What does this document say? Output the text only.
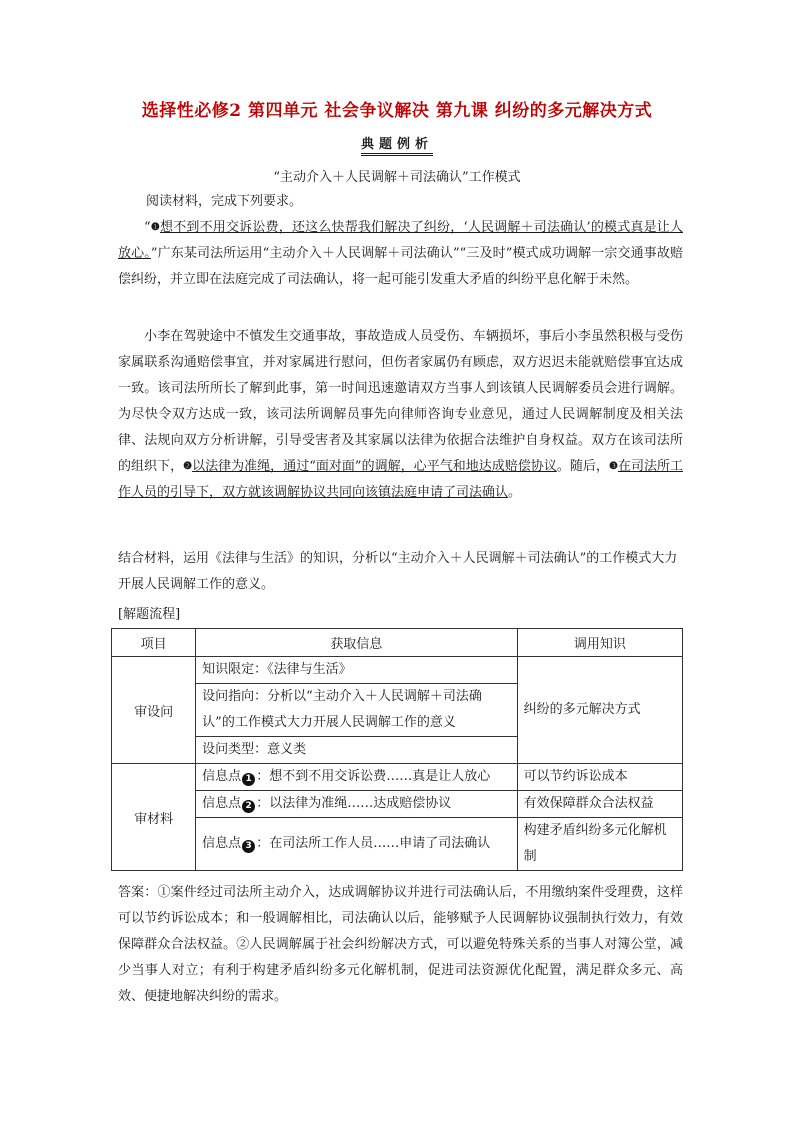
选择性必修2 第四单元 社会争议解决 第九课 纠纷的多元解决方式
典题例析
“主动介入＋人民调解＋司法确认”工作模式
阅读材料，完成下列要求。
“❶想不到不用交诉讼费，还这么快帮我们解决了纠纷，‘人民调解＋司法确认’的模式真是让人放心。”广东某司法所运用“主动介入＋人民调解＋司法确认”“三及时”模式成功调解一宗交通事故赔偿纠纷，并立即在法庭完成了司法确认，将一起可能引发重大矛盾的纠纷平息化解于未然。
小李在驾驶途中不慎发生交通事故，事故造成人员受伤、车辆损坏，事后小李虽然积极与受伤家属联系沟通赔偿事宜，并对家属进行慰问，但伤者家属仍有顾虑，双方迟迟未能就赔偿事宜达成一致。该司法所所长了解到此事，第一时间迅速邀请双方当事人到该镇人民调解委员会进行调解。为尽快令双方达成一致，该司法所调解员事先向律师咨询专业意见，通过人民调解制度及相关法律、法规向双方分析讲解，引导受害者及其家属以法律为依据合法维护自身权益。双方在该司法所的组织下，❷以法律为准绳，通过“面对面”的调解，心平气和地达成赔偿协议。随后，❸在司法所工作人员的引导下，双方就该调解协议共同向该镇法庭申请了司法确认。
结合材料，运用《法律与生活》的知识，分析以“主动介入＋人民调解＋司法确认”的工作模式大力开展人民调解工作的意义。
[解题流程]
项目	获取信息	调用知识
审设问	知识限定：《法律与生活》	纠纷的多元解决方式
	设问指向：分析以“主动介入＋人民调解＋司法确认”的工作模式大力开展人民调解工作的意义	
	设问类型：意义类	
审材料	信息点 1 ：想不到不用交诉讼费……真是让人放心	可以节约诉讼成本
	信息点 2 ：以法律为准绳……达成赔偿协议	有效保障群众合法权益
	信息点 3 ：在司法所工作人员……申请了司法确认	构建矛盾纠纷多元化解机制
答案：①案件经过司法所主动介入，达成调解协议并进行司法确认后，不用缴纳案件受理费，这样可以节约诉讼成本；和一般调解相比，司法确认以后，能够赋予人民调解协议强制执行效力，有效保障群众合法权益。②人民调解属于社会纠纷解决方式，可以避免特殊关系的当事人对簿公堂，减少当事人对立；有利于构建矛盾纠纷多元化解机制，促进司法资源优化配置，满足群众多元、高效、便捷地解决纠纷的需求。
